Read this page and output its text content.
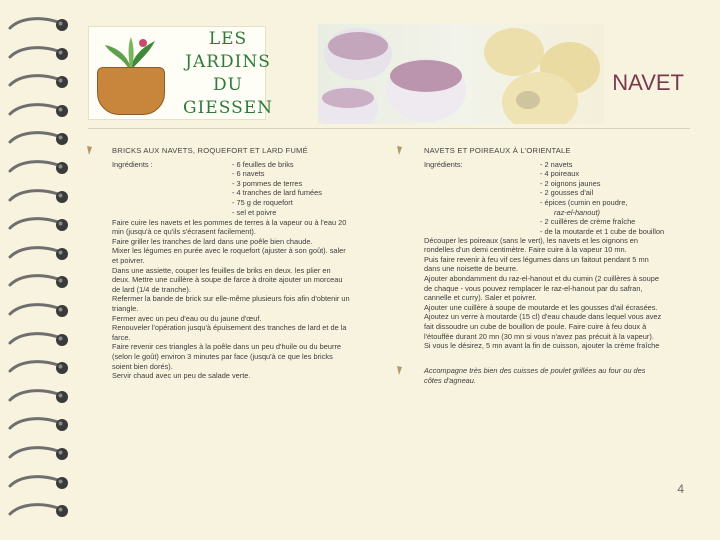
LES
JARDINS
DU
GIESSEN
NAVET

BRICKS AUX NAVETS, ROQUEFORT ET LARD FUMÉ

Ingrédients :	- 6 feuilles de briks
- 6 navets
- 3 pommes de terres
- 4 tranches de lard fumées
- 75 g de roquefort
- sel et poivre

Faire cuire les navets et les pommes de terres à la vapeur ou à l'eau 20

min (jusqu'à ce qu'ils s'écrasent facilement).

Faire griller les tranches de lard dans une poêle bien chaude.

Mixer les légumes en purée avec le roquefort (ajuster à son goût). saler

et poivrer.

Dans une assiette, couper les feuilles de briks en deux. les plier en

deux. Mettre une cuillère à soupe de farce à droite ajouter un morceau

de lard (1/4 de tranche).

Refermer la bande de brick sur elle-même plusieurs fois afin d'obtenir un

triangle.

Fermer avec un peu d'eau ou du jaune d'œuf.

Renouveler l'opération jusqu'à épuisement des tranches de lard et de la

farce.

Faire revenir ces triangles à la poêle dans un peu d'huile ou du beurre

(selon le goût) environ 3 minutes par face (jusqu'à ce que les bricks

soient bien dorés).

Servir chaud avec un peu de salade verte.

NAVETS ET POIREAUX À L'ORIENTALE

Ingrédients:	- 2 navets
- 4 poireaux
- 2 oignons jaunes
- 2 gousses d'ail
- épices (cumin en poudre,
raz-el-hanout)
- 2 cuillères de crème fraîche
- de la moutarde et 1 cube de bouillon

Découper les poireaux (sans le vert), les navets et les oignons en

rondelles d'un demi centimètre. Faire cuire à la vapeur 10 mn.

Puis faire revenir à feu vif ces légumes dans un faitout pendant 5 mn

dans une noisette de beurre.

Ajouter abondamment du raz-el-hanout et du cumin (2 cuillères à soupe

de chaque - vous pouvez remplacer le raz-el-hanout par du safran,

cannelle et curry). Saler et poivrer.

Ajouter une cuillère à soupe de moutarde et les gousses d'ail écrasées.

Ajoutez un verre à moutarde (15 cl) d'eau chaude dans lequel vous avez

fait dissoudre un cube de bouillon de poule. Faire cuire à feu doux à

l'étouffée durant 20 mn (30 mn si vous n'avez pas précuit à la vapeur).

Si vous le désirez, 5 mn avant la fin de cuisson, ajouter la crème fraîche

Accompagne très bien des cuisses de poulet grillées au four ou des

côtes d'agneau.

4
